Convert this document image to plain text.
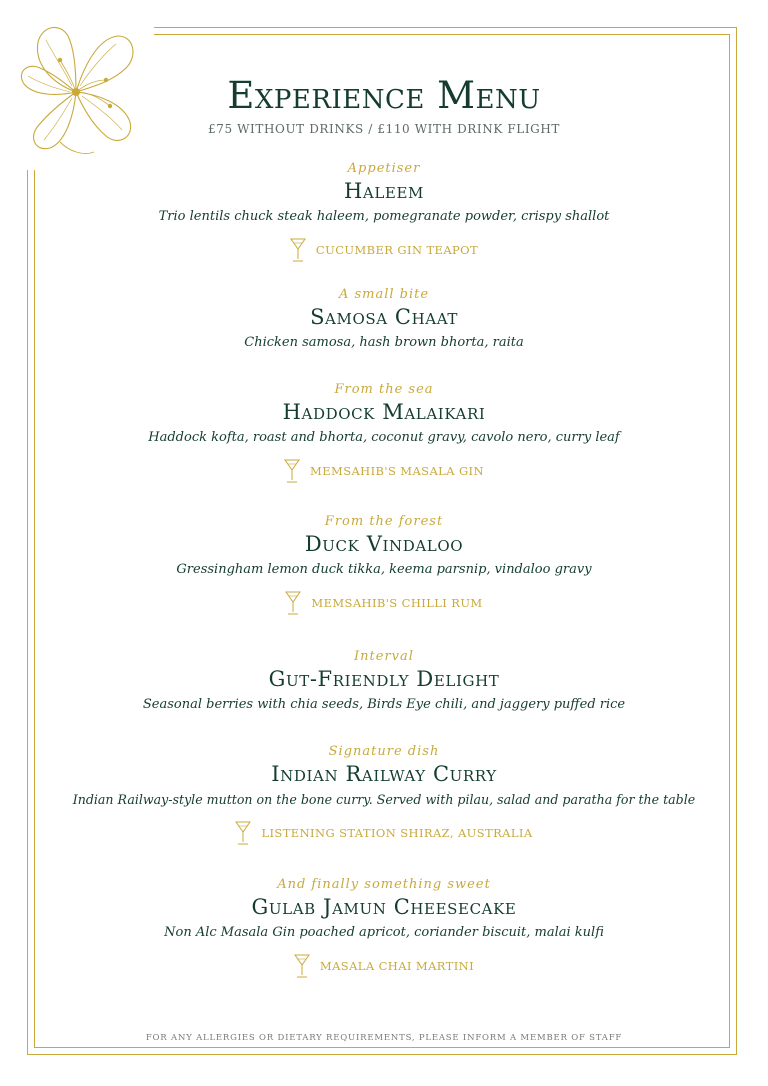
Experience Menu
£75 WITHOUT DRINKS / £110 WITH DRINK FLIGHT
Appetiser
Haleem
Trio lentils chuck steak haleem, pomegranate powder, crispy shallot
CUCUMBER GIN TEAPOT
A small bite
Samosa Chaat
Chicken samosa, hash brown bhorta, raita
From the sea
Haddock Malaikari
Haddock kofta, roast and bhorta, coconut gravy, cavolo nero, curry leaf
MEMSAHIB'S MASALA GIN
From the forest
Duck Vindaloo
Gressingham lemon duck tikka, keema parsnip, vindaloo gravy
MEMSAHIB'S CHILLI RUM
Interval
Gut-Friendly Delight
Seasonal berries with chia seeds, Birds Eye chili, and jaggery puffed rice
Signature dish
Indian Railway Curry
Indian Railway-style mutton on the bone curry. Served with pilau, salad and paratha for the table
LISTENING STATION SHIRAZ, AUSTRALIA
And finally something sweet
Gulab Jamun Cheesecake
Non Alc Masala Gin poached apricot, coriander biscuit, malai kulfi
MASALA CHAI MARTINI
FOR ANY ALLERGIES OR DIETARY REQUIREMENTS, PLEASE INFORM A MEMBER OF STAFF
